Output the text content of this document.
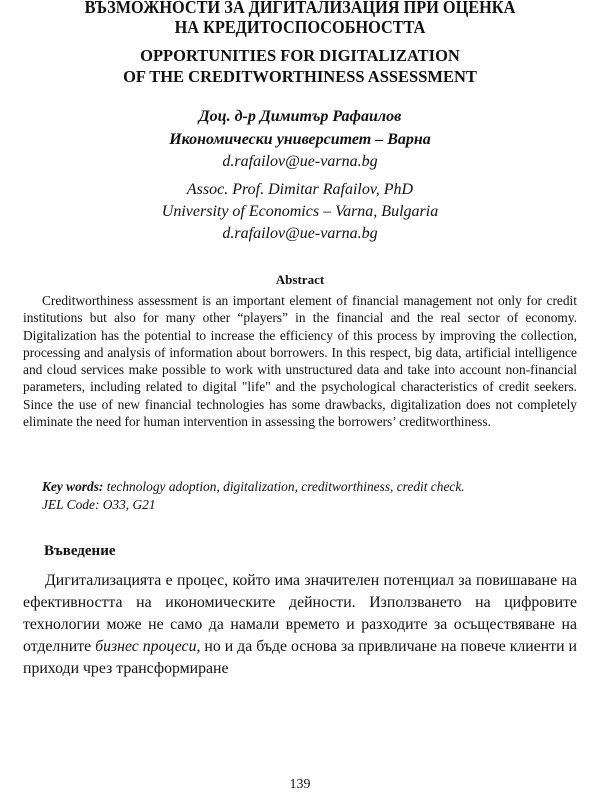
ВЪЗМОЖНОСТИ ЗА ДИГИТАЛИЗАЦИЯ ПРИ ОЦЕНКА
НА КРЕДИТОСПОСОБНОСТТА
OPPORTUNITIES FOR DIGITALIZATION
OF THE CREDITWORTHINESS ASSESSMENT
Доц. д-р Димитър Рафаилов
Икономически университет – Варна
d.rafailov@ue-varna.bg
Assoc. Prof. Dimitar Rafailov, PhD
University of Economics – Varna, Bulgaria
d.rafailov@ue-varna.bg
Abstract

Creditworthiness assessment is an important element of financial management not only for credit institutions but also for many other “players” in the financial and the real sector of economy. Digitalization has the potential to increase the efficiency of this process by improving the collection, processing and analysis of information about borrowers. In this respect, big data, artificial intelligence and cloud services make possible to work with unstructured data and take into account non-financial parameters, including related to digital "life" and the psychological characteristics of credit seekers. Since the use of new financial technologies has some drawbacks, digitalization does not completely eliminate the need for human intervention in assessing the borrowers’ creditworthiness.

Key words: technology adoption, digitalization, creditworthiness, credit check.
JEL Code: O33, G21
Въведение

Дигитализацията е процес, който има значителен потенциал за повишаване на ефективността на икономическите дейности. Използването на цифровите технологии може не само да намали времето и разходите за осъществяване на отделните бизнес процеси, но и да бъде основа за привличане на повече клиенти и приходи чрез трансформиране

139
